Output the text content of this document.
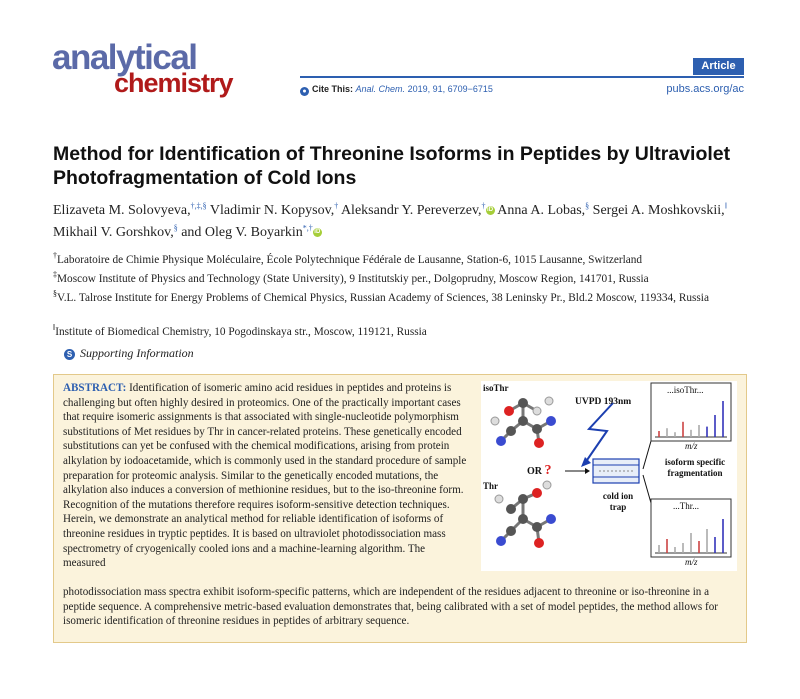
analytical
chemistry
Article
● Cite This: Anal. Chem. 2019, 91, 6709−6715	pubs.acs.org/ac
Method for Identification of Threonine Isoforms in Peptides by Ultraviolet Photofragmentation of Cold Ions
Elizaveta M. Solovyeva,†,‡,§ Vladimir N. Kopysov,† Aleksandr Y. Pereverzev,† iD Anna A. Lobas,§ Sergei A. Moshkovskii,‖ Mikhail V. Gorshkov,§ and Oleg V. Boyarkin*,† iD
†Laboratoire de Chimie Physique Moléculaire, École Polytechnique Fédérale de Lausanne, Station-6, 1015 Lausanne, Switzerland
‡Moscow Institute of Physics and Technology (State University), 9 Institutskiy per., Dolgoprudny, Moscow Region, 141701, Russia
§V.L. Talrose Institute for Energy Problems of Chemical Physics, Russian Academy of Sciences, 38 Leninsky Pr., Bld.2 Moscow, 119334, Russia
‖Institute of Biomedical Chemistry, 10 Pogodinskaya str., Moscow, 119121, Russia
S Supporting Information
ABSTRACT: Identification of isomeric amino acid residues in peptides and proteins is challenging but often highly desired in proteomics. One of the practically important cases that require isomeric assignments is that associated with single-nucleotide polymorphism substitutions of Met residues by Thr in cancer-related proteins. These genetically encoded substitutions can yet be confused with the chemical modifications, arising from protein alkylation by iodoacetamide, which is commonly used in the standard procedure of sample preparation for proteomic analysis. Similar to the genetically encoded mutations, the alkylation also induces a conversion of methionine residues, but to the iso-threonine form. Recognition of the mutations therefore requires isoform-sensitive detection techniques. Herein, we demonstrate an analytical method for reliable identification of isoforms of threonine residues in tryptic peptides. It is based on ultraviolet photodissociation mass spectrometry of cryogenically cooled ions and a machine-learning algorithm. The measured
photodissociation mass spectra exhibit isoform-specific patterns, which are independent of the residues adjacent to threonine or iso-threonine in a peptide sequence. A comprehensive metric-based evaluation demonstrates that, being calibrated with a set of model peptides, the method allows for isomeric identification of threonine residues in peptides of arbitrary sequence.
isoThr
Thr
UVPD 193nm
OR ?
cold ion trap
isoform specific fragmentation
...isoThr...
...Thr...
m/z
m/z
